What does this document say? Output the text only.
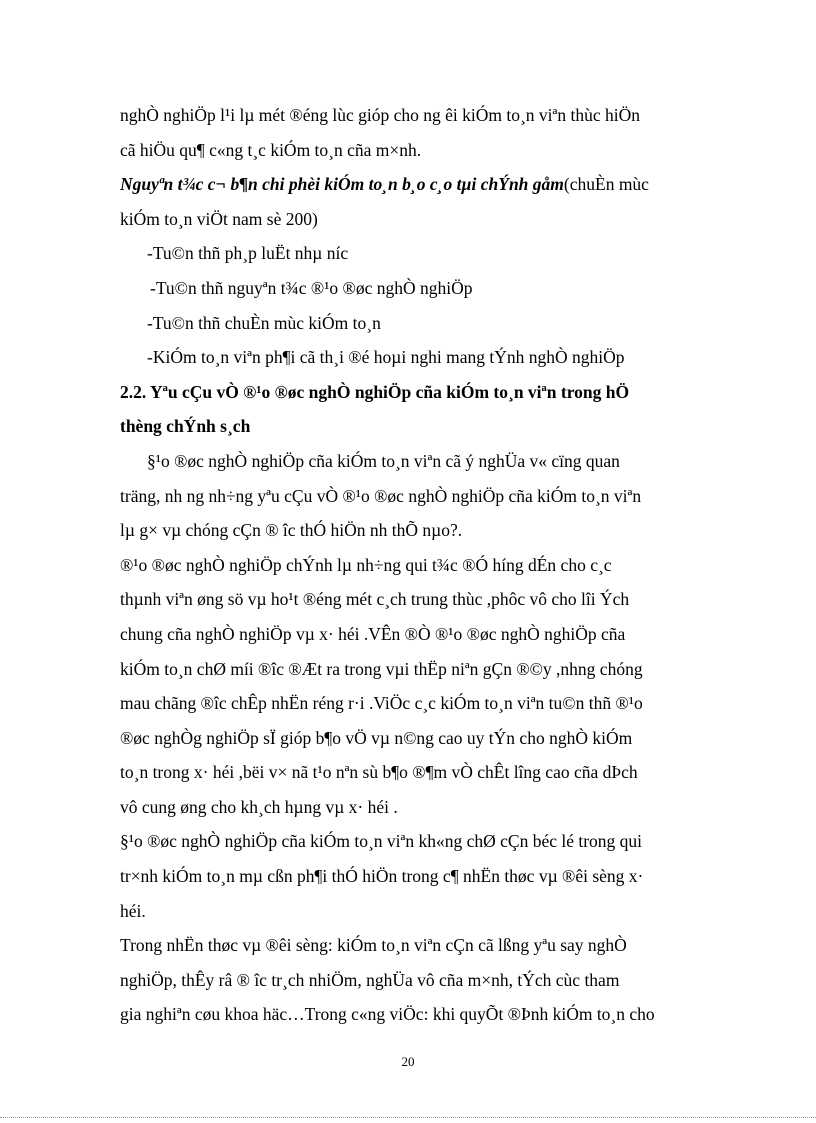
nghÒ nghiÖp l¹i lµ mét ®éng lùc gióp cho ng êi kiÓm to¸n viªn thùc hiÖn
cã hiÖu qu¶ c«ng t¸c kiÓm to¸n cña m×nh.
Nguyªn t¾c c¬ b¶n chi phèi kiÓm to¸n b¸o c¸o tµi chÝnh gåm(chuÈn mùc
kiÓm to¸n viÖt nam sè 200)
-Tu©n thñ ph¸p luËt nhµ níc
-Tu©n thñ nguyªn t¾c ®¹o ®øc nghÒ nghiÖp
-Tu©n thñ chuÈn mùc kiÓm to¸n
-KiÓm to¸n viªn ph¶i cã th¸i ®é hoµi nghi mang tÝnh nghÒ nghiÖp
2.2. Yªu cÇu vÒ ®¹o ®øc nghÒ nghiÖp cña kiÓm to¸n viªn trong hÖ
thèng chÝnh s¸ch
§¹o ®øc nghÒ nghiÖp cña kiÓm to¸n viªn cã ý nghÜa v« cïng quan
träng, nh ng nh÷ng yªu cÇu vÒ ®¹o ®øc nghÒ nghiÖp cña kiÓm to¸n viªn
lµ g× vµ chóng cÇn ® îc thÓ hiÖn nh thÕ nµo?.
®¹o ®øc nghÒ nghiÖp chÝnh lµ nh÷ng qui t¾c ®Ó híng dÉn cho c¸c
thµnh viªn øng sö vµ ho¹t ®éng mét c¸ch trung thùc ,phôc vô cho lîi Ých
chung cña nghÒ nghiÖp vµ x· héi .VÊn ®Ò ®¹o ®øc nghÒ nghiÖp cña
kiÓm to¸n chØ míi ®îc ®Æt ra trong vµi thËp niªn gÇn ®©y ,nhng chóng
mau chãng ®îc chÊp nhËn réng r·i .ViÖc c¸c kiÓm to¸n viªn tu©n thñ ®¹o
®øc nghÒg nghiÖp sÏ gióp b¶o vÖ vµ n©ng cao uy tÝn cho nghÒ kiÓm
to¸n trong x· héi ,bëi v× nã t¹o nªn sù b¶o ®¶m vÒ chÊt lîng cao cña dÞch
vô cung øng cho kh¸ch hµng vµ x· héi .
§¹o ®øc nghÒ nghiÖp cña kiÓm to¸n viªn kh«ng chØ cÇn béc lé trong qui
tr×nh kiÓm to¸n mµ cßn ph¶i thÓ hiÖn trong c¶ nhËn thøc vµ ®êi sèng x·
héi.
Trong nhËn thøc vµ ®êi sèng: kiÓm to¸n viªn cÇn cã lßng yªu say nghÒ
nghiÖp, thÊy râ ® îc tr¸ch nhiÖm, nghÜa vô cña m×nh, tÝch cùc tham
gia nghiªn cøu khoa häc…Trong c«ng viÖc: khi quyÕt ®Þnh kiÓm to¸n cho
20
